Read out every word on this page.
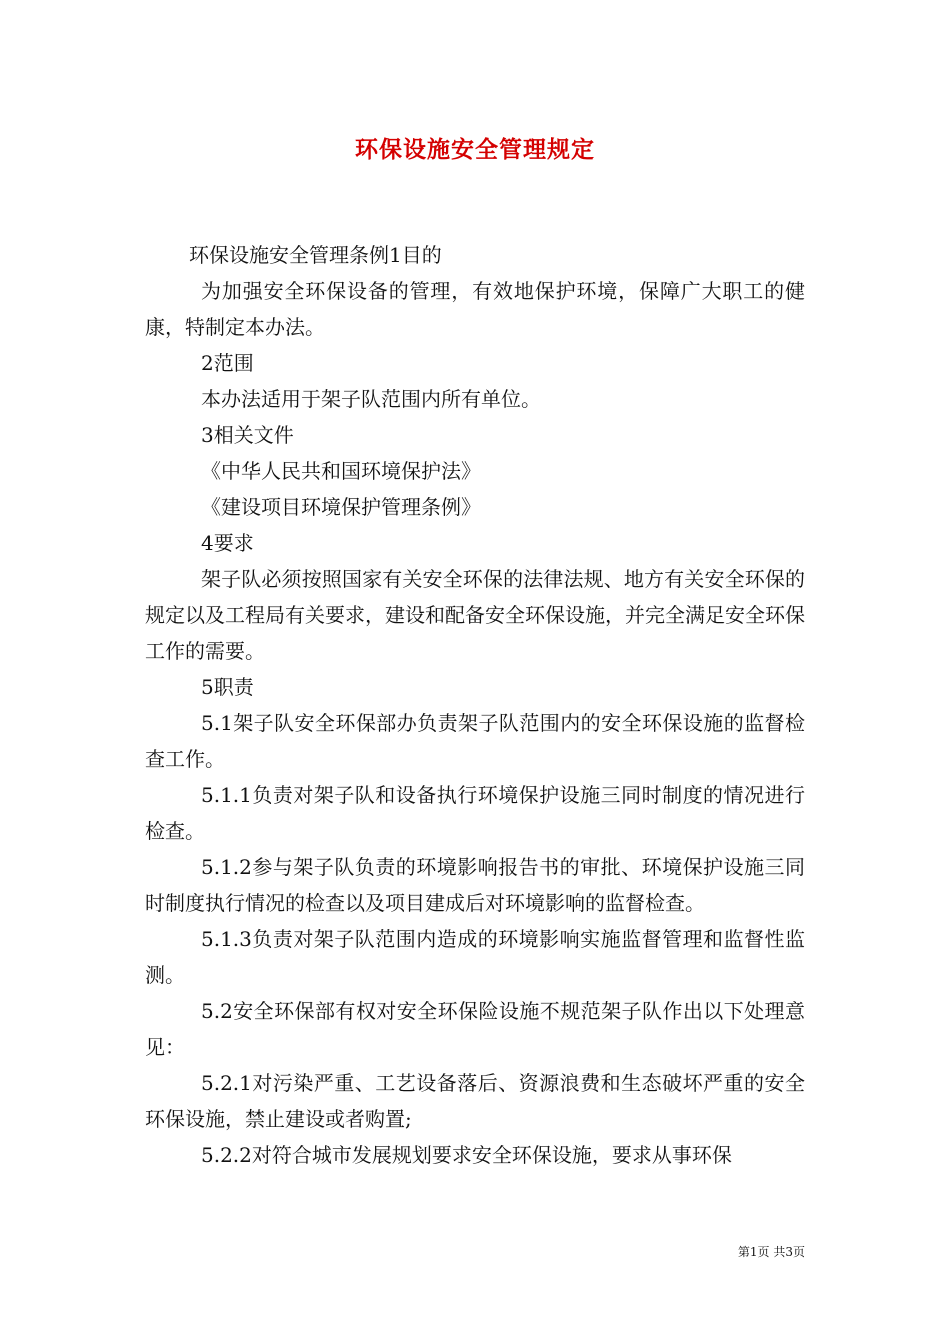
环保设施安全管理规定

环保设施安全管理条例1目的

为加强安全环保设备的管理，有效地保护环境，保障广大职工的健康，特制定本办法。

2范围

本办法适用于架子队范围内所有单位。

3相关文件

《中华人民共和国环境保护法》

《建设项目环境保护管理条例》

4要求

架子队必须按照国家有关安全环保的法律法规、地方有关安全环保的规定以及工程局有关要求，建设和配备安全环保设施，并完全满足安全环保工作的需要。

5职责

5.1架子队安全环保部办负责架子队范围内的安全环保设施的监督检查工作。

5.1.1负责对架子队和设备执行环境保护设施三同时制度的情况进行检查。

5.1.2参与架子队负责的环境影响报告书的审批、环境保护设施三同时制度执行情况的检查以及项目建成后对环境影响的监督检查。

5.1.3负责对架子队范围内造成的环境影响实施监督管理和监督性监测。

5.2安全环保部有权对安全环保险设施不规范架子队作出以下处理意见：

5.2.1对污染严重、工艺设备落后、资源浪费和生态破坏严重的安全环保设施，禁止建设或者购置;

5.2.2对符合城市发展规划要求安全环保设施，要求从事环保

第1页 共3页
